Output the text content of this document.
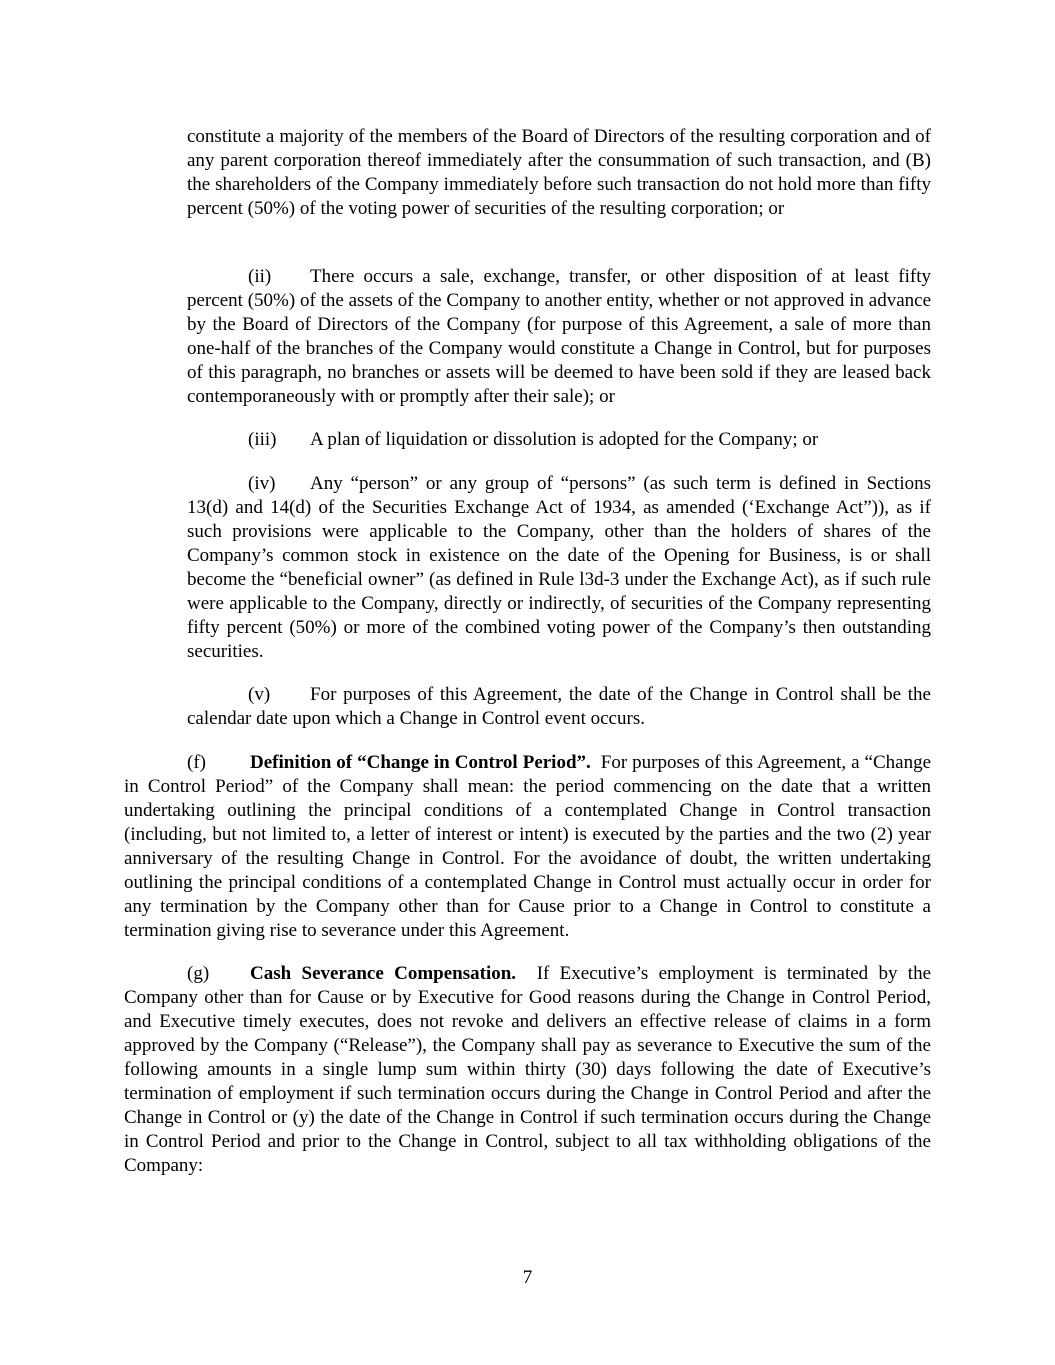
constitute a majority of the members of the Board of Directors of the resulting corporation and of any parent corporation thereof immediately after the consummation of such transaction, and (B) the shareholders of the Company immediately before such transaction do not hold more than fifty percent (50%) of the voting power of securities of the resulting corporation; or

(ii) There occurs a sale, exchange, transfer, or other disposition of at least fifty percent (50%) of the assets of the Company to another entity, whether or not approved in advance by the Board of Directors of the Company (for purpose of this Agreement, a sale of more than one-half of the branches of the Company would constitute a Change in Control, but for purposes of this paragraph, no branches or assets will be deemed to have been sold if they are leased back contemporaneously with or promptly after their sale); or

(iii) A plan of liquidation or dissolution is adopted for the Company; or

(iv) Any “person” or any group of “persons” (as such term is defined in Sections 13(d) and 14(d) of the Securities Exchange Act of 1934, as amended (‘Exchange Act”)), as if such provisions were applicable to the Company, other than the holders of shares of the Company’s common stock in existence on the date of the Opening for Business, is or shall become the “beneficial owner” (as defined in Rule l3d-3 under the Exchange Act), as if such rule were applicable to the Company, directly or indirectly, of securities of the Company representing fifty percent (50%) or more of the combined voting power of the Company’s then outstanding securities.

(v) For purposes of this Agreement, the date of the Change in Control shall be the calendar date upon which a Change in Control event occurs.

(f) Definition of “Change in Control Period”. For purposes of this Agreement, a “Change in Control Period” of the Company shall mean: the period commencing on the date that a written undertaking outlining the principal conditions of a contemplated Change in Control transaction (including, but not limited to, a letter of interest or intent) is executed by the parties and the two (2) year anniversary of the resulting Change in Control. For the avoidance of doubt, the written undertaking outlining the principal conditions of a contemplated Change in Control must actually occur in order for any termination by the Company other than for Cause prior to a Change in Control to constitute a termination giving rise to severance under this Agreement.

(g) Cash Severance Compensation. If Executive’s employment is terminated by the Company other than for Cause or by Executive for Good reasons during the Change in Control Period, and Executive timely executes, does not revoke and delivers an effective release of claims in a form approved by the Company (“Release”), the Company shall pay as severance to Executive the sum of the following amounts in a single lump sum within thirty (30) days following the date of Executive’s termination of employment if such termination occurs during the Change in Control Period and after the Change in Control or (y) the date of the Change in Control if such termination occurs during the Change in Control Period and prior to the Change in Control, subject to all tax withholding obligations of the Company:

7
